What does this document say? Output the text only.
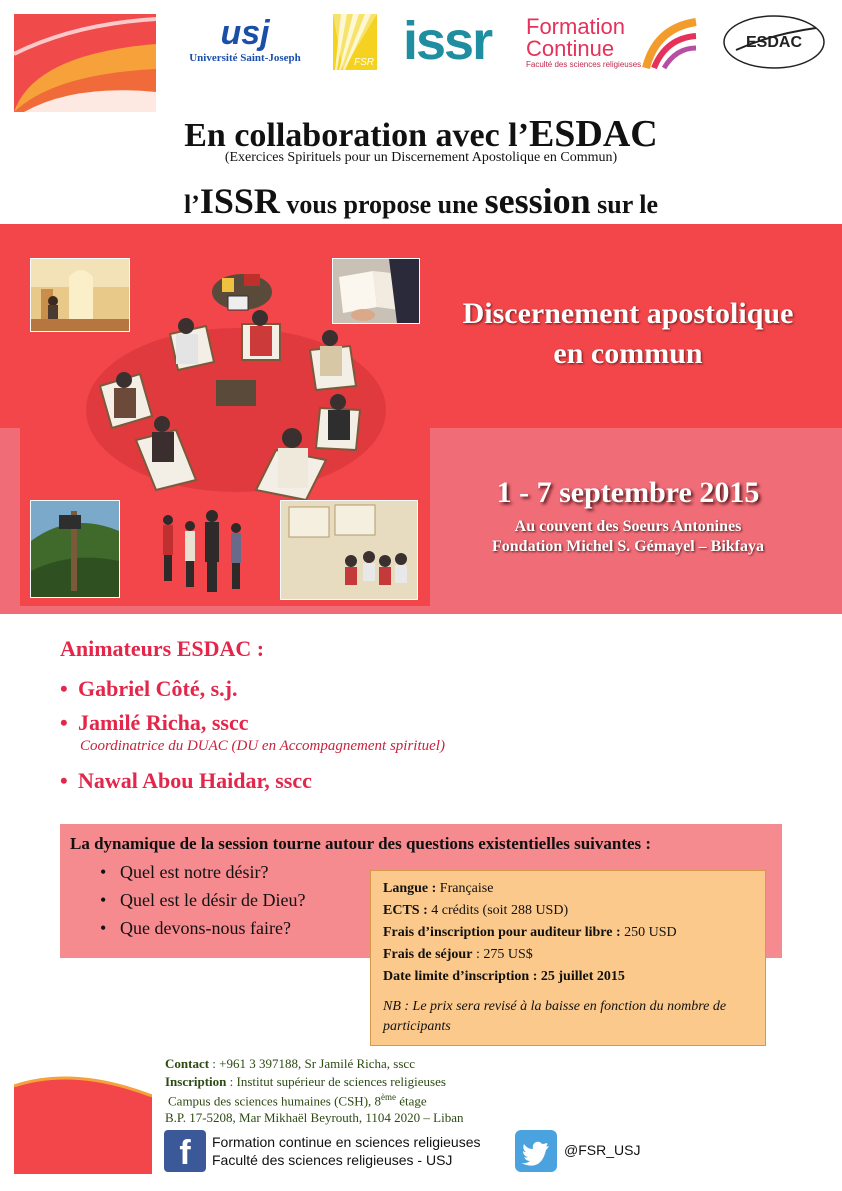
usj
Université Saint-Joseph	FSR issr	Formation
Continue
Faculté des sciences religieuses
ESDAC
En collaboration avec l’ESDAC
(Exercices Spirituels pour un Discernement Apostolique en Commun)
l’ISSR vous propose une session sur le
Discernement apostolique
en commun
1 - 7 septembre 2015
Au couvent des Soeurs Antonines
Fondation Michel S. Gémayel – Bikfaya
Animateurs ESDAC :
• Gabriel Côté, s.j.
• Jamilé Richa, sscc
Coordinatrice du DUAC (DU en Accompagnement spirituel)
• Nawal Abou Haidar, sscc
La dynamique de la session tourne autour des questions existentielles suivantes :
• Quel est notre désir?
• Quel est le désir de Dieu?
• Que devons-nous faire?
Langue : Française
ECTS : 4 crédits (soit 288 USD)
Frais d’inscription pour auditeur libre : 250 USD
Frais de séjour : 275 US$
Date limite d’inscription : 25 juillet 2015
NB : Le prix sera revisé à la baisse en fonction du nombre de participants
Contact : +961 3 397188, Sr Jamilé Richa, sscc
Inscription : Institut supérieur de sciences religieuses
Campus des sciences humaines (CSH), 8ème étage
B.P. 17-5208, Mar Mikhaël Beyrouth, 1104 2020 – Liban
f	Formation continue en sciences religieuses
Faculté des sciences religieuses - USJ
@FSR_USJ
